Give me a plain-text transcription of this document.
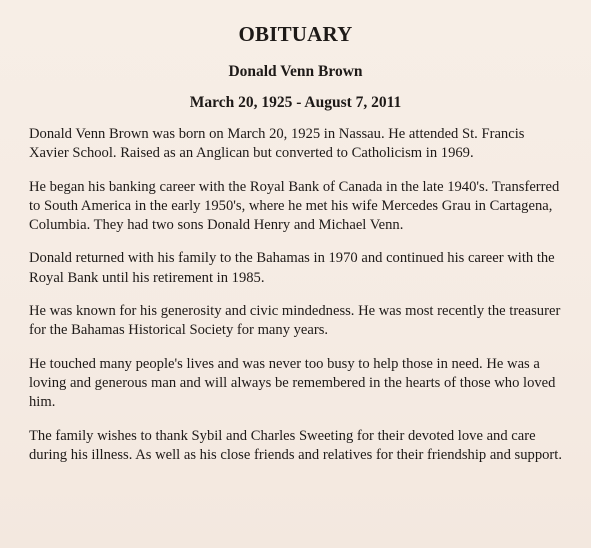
OBITUARY
Donald Venn Brown
March 20, 1925 - August 7, 2011

Donald Venn Brown was born on March 20, 1925 in Nassau. He attended St. Francis Xavier School. Raised as an Anglican but converted to Catholicism in 1969.

He began his banking career with the Royal Bank of Canada in the late 1940's. Transferred to South America in the early 1950's, where he met his wife Mercedes Grau in Cartagena, Columbia. They had two sons Donald Henry and Michael Venn.

Donald returned with his family to the Bahamas in 1970 and continued his career with the Royal Bank until his retirement in 1985.

He was known for his generosity and civic mindedness. He was most recently the treasurer for the Bahamas Historical Society for many years.

He touched many people's lives and was never too busy to help those in need. He was a loving and generous man and will always be remembered in the hearts of those who loved him.

The family wishes to thank Sybil and Charles Sweeting for their devoted love and care during his illness. As well as his close friends and relatives for their friendship and support.
